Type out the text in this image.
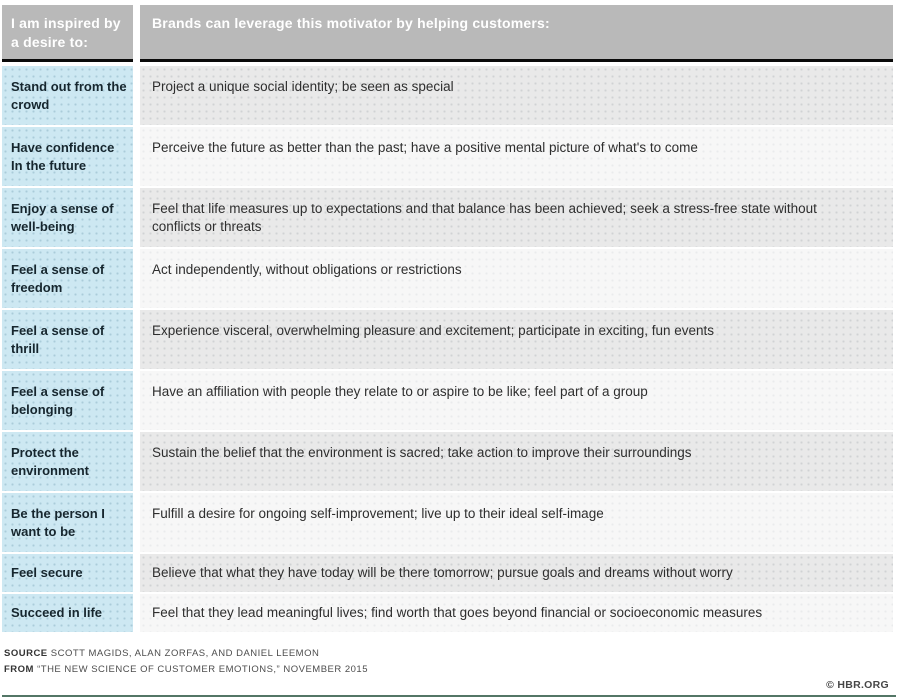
I am inspired by
a desire to:
Brands can leverage this motivator by helping customers:
Stand out from the crowd
Project a unique social identity; be seen as special
Have confidence In the future
Perceive the future as better than the past; have a positive mental picture of what's to come
Enjoy a sense of well-being
Feel that life measures up to expectations and that balance has been achieved; seek a stress-free state without conflicts or threats
Feel a sense of freedom
Act independently, without obligations or restrictions
Feel a sense of thrill
Experience visceral, overwhelming pleasure and excitement; participate in exciting, fun events
Feel a sense of belonging
Have an affiliation with people they relate to or aspire to be like; feel part of a group
Protect the environment
Sustain the belief that the environment is sacred; take action to improve their surroundings
Be the person I want to be
Fulfill a desire for ongoing self-improvement; live up to their ideal self-image
Feel secure	Believe that what they have today will be there tomorrow; pursue goals and dreams without worry
Succeed in life	Feel that they lead meaningful lives; find worth that goes beyond financial or socioeconomic measures
SOURCE SCOTT MAGIDS, ALAN ZORFAS, AND DANIEL LEEMON
FROM “THE NEW SCIENCE OF CUSTOMER EMOTIONS,” NOVEMBER 2015
© HBR.ORG
